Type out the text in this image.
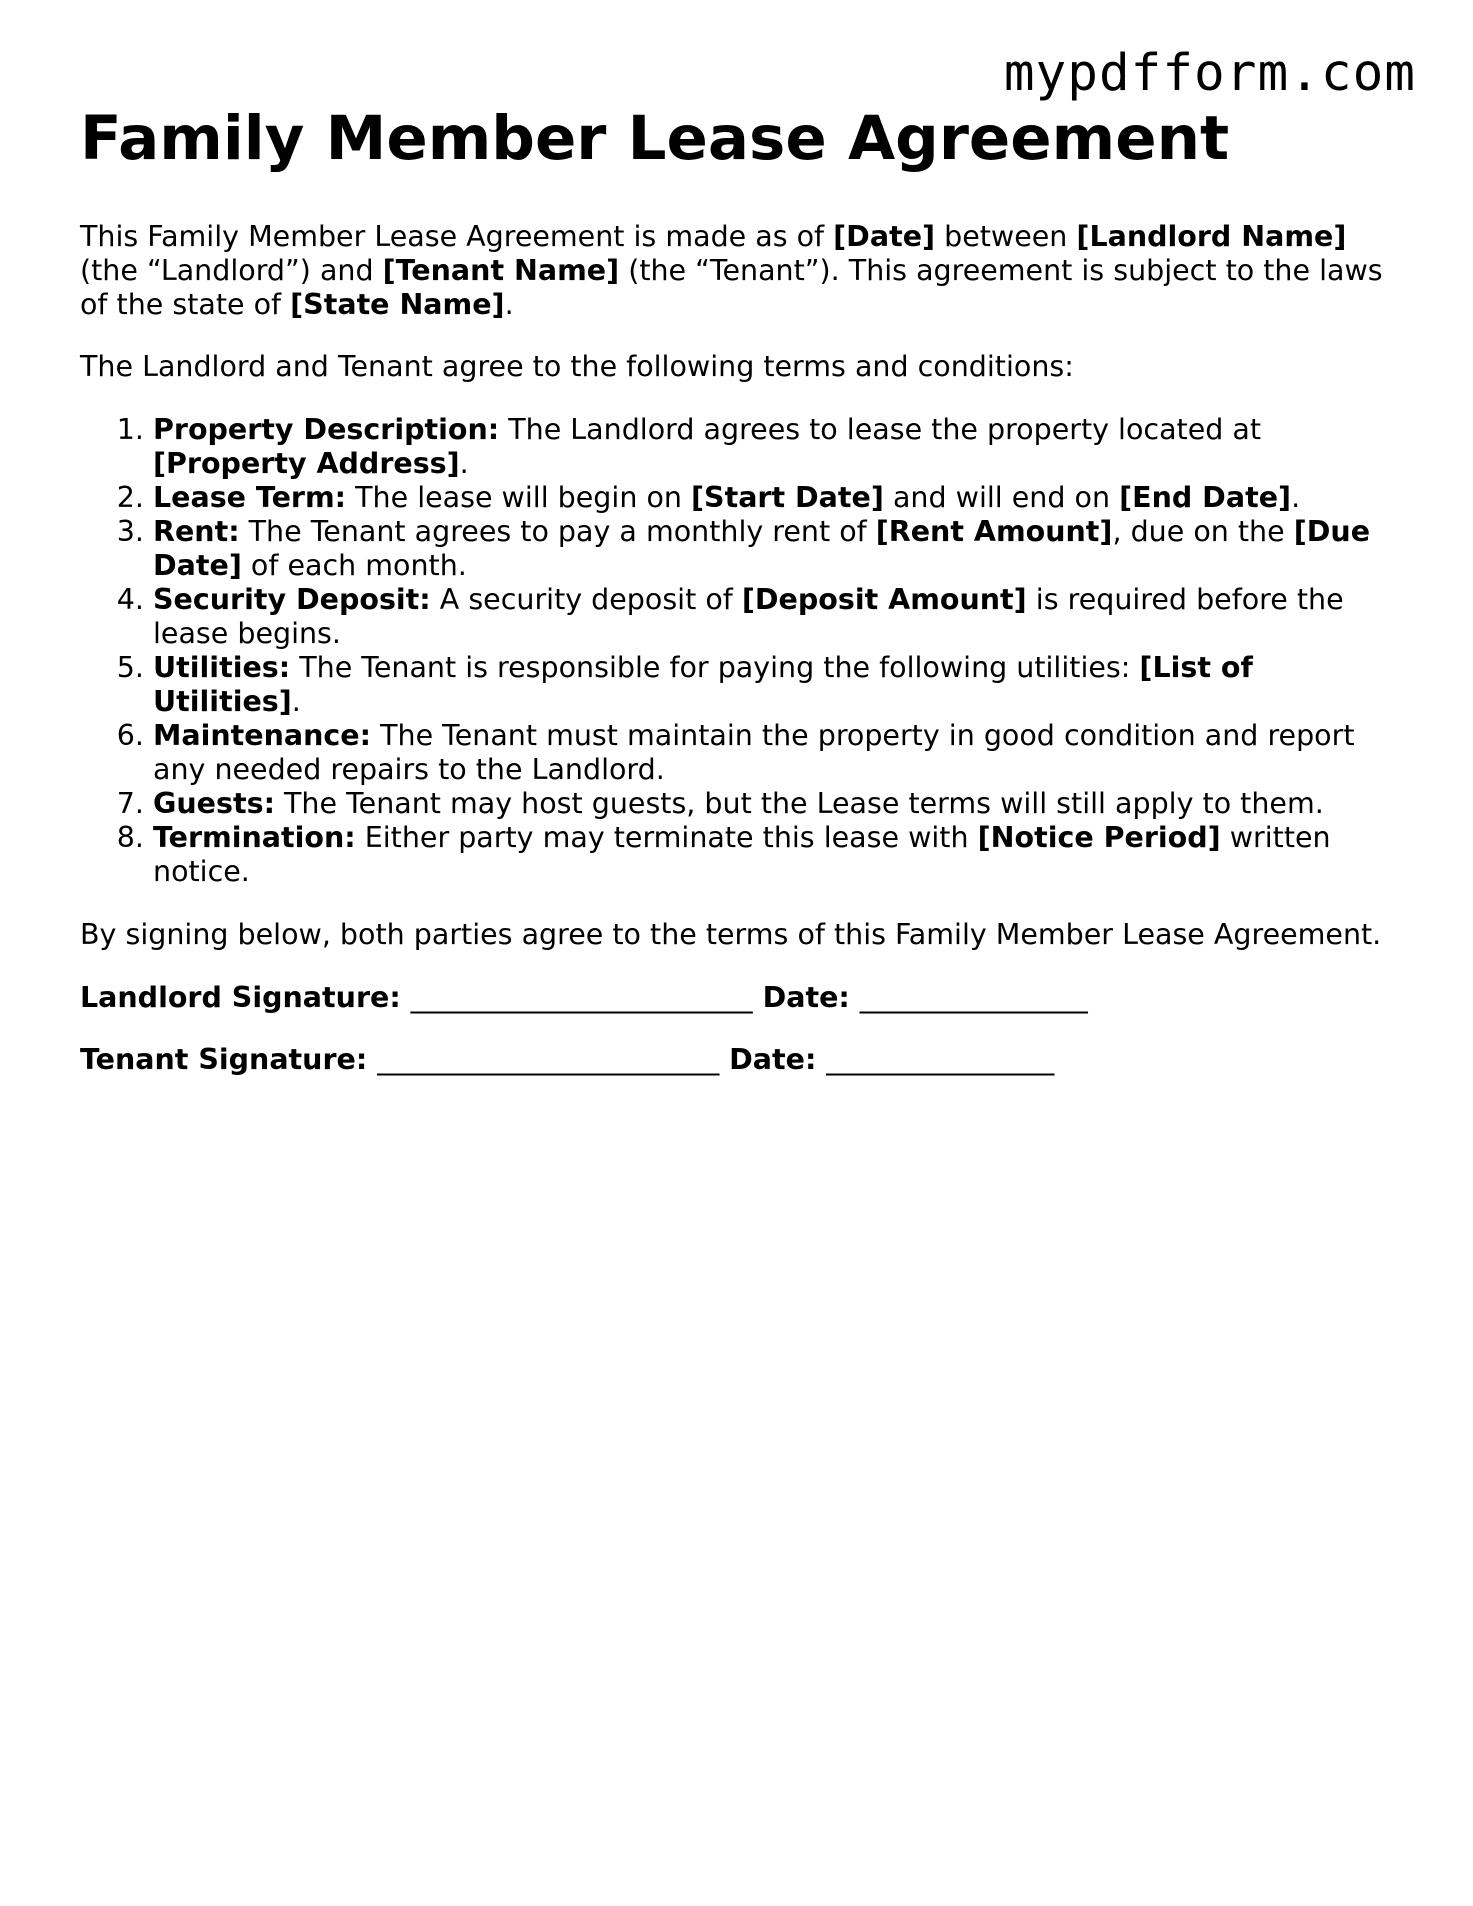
mypdfform.com
Family Member Lease Agreement

This Family Member Lease Agreement is made as of [Date] between [Landlord Name] (the “Landlord”) and [Tenant Name] (the “Tenant”). This agreement is subject to the laws of the state of [State Name].

The Landlord and Tenant agree to the following terms and conditions:

1. Property Description: The Landlord agrees to lease the property located at [Property Address].
2. Lease Term: The lease will begin on [Start Date] and will end on [End Date].
3. Rent: The Tenant agrees to pay a monthly rent of [Rent Amount], due on the [Due Date] of each month.
4. Security Deposit: A security deposit of [Deposit Amount] is required before the lease begins.
5. Utilities: The Tenant is responsible for paying the following utilities: [List of Utilities].
6. Maintenance: The Tenant must maintain the property in good condition and report any needed repairs to the Landlord.
7. Guests: The Tenant may host guests, but the Lease terms will still apply to them.
8. Termination: Either party may terminate this lease with [Notice Period] written notice.

By signing below, both parties agree to the terms of this Family Member Lease Agreement.

Landlord Signature: ________________________ Date: ________________

Tenant Signature: ________________________ Date: ________________
